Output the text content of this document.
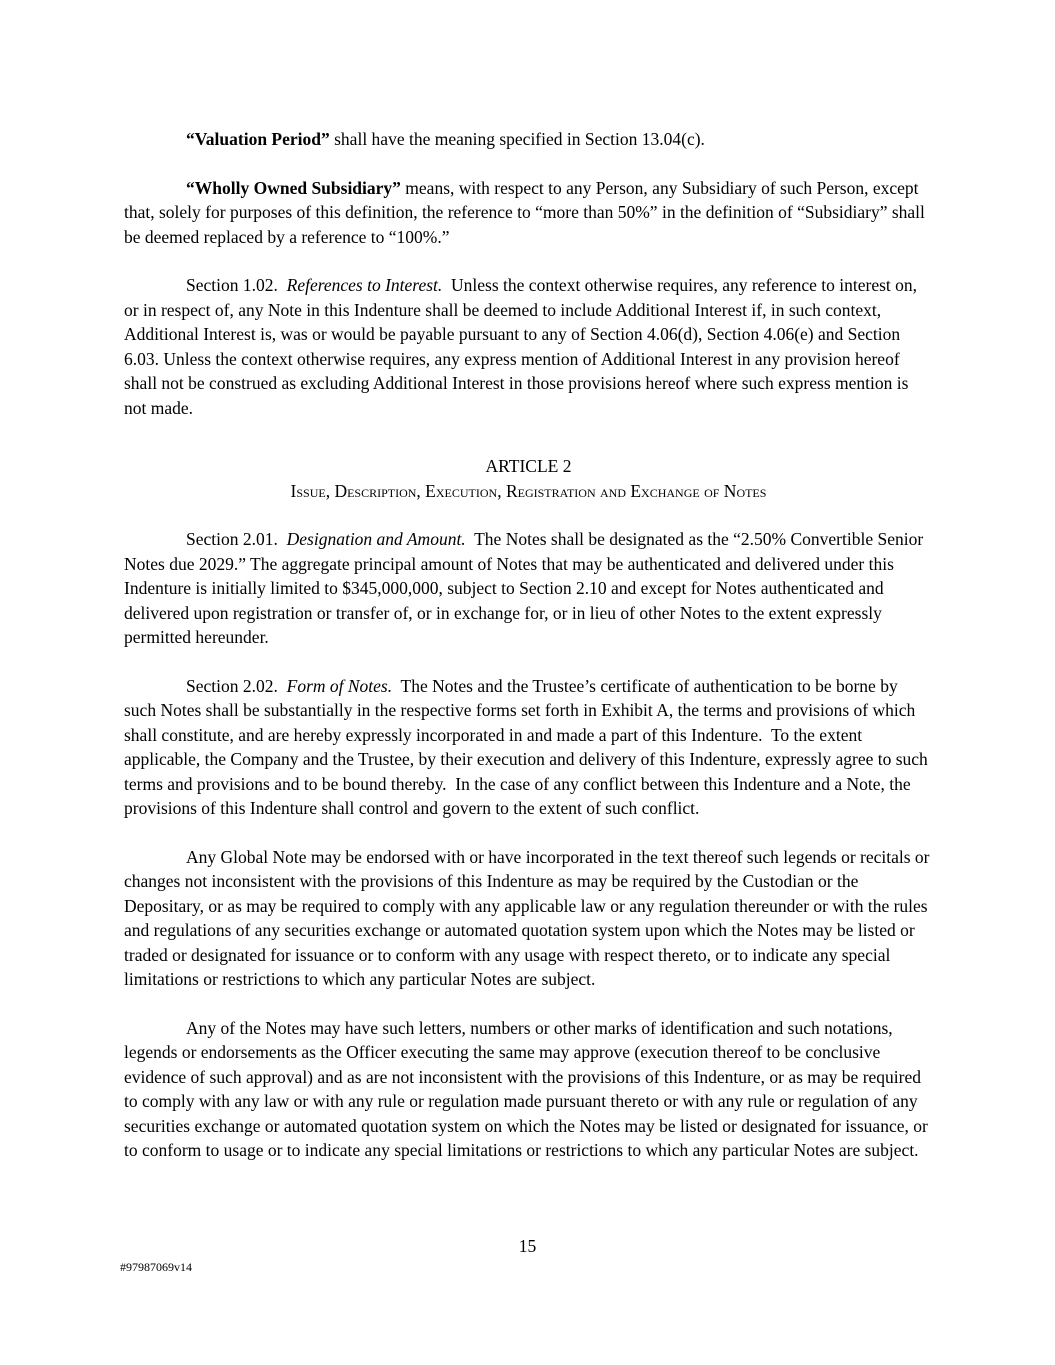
“Valuation Period” shall have the meaning specified in Section 13.04(c).

“Wholly Owned Subsidiary” means, with respect to any Person, any Subsidiary of such Person, except that, solely for purposes of this definition, the reference to “more than 50%” in the definition of “Subsidiary” shall be deemed replaced by a reference to “100%.”

Section 1.02.  References to Interest.  Unless the context otherwise requires, any reference to interest on, or in respect of, any Note in this Indenture shall be deemed to include Additional Interest if, in such context, Additional Interest is, was or would be payable pursuant to any of Section 4.06(d), Section 4.06(e) and Section 6.03. Unless the context otherwise requires, any express mention of Additional Interest in any provision hereof shall not be construed as excluding Additional Interest in those provisions hereof where such express mention is not made.

ARTICLE 2

Issue, Description, Execution, Registration and Exchange of Notes

Section 2.01.  Designation and Amount.  The Notes shall be designated as the “2.50% Convertible Senior Notes due 2029.” The aggregate principal amount of Notes that may be authenticated and delivered under this Indenture is initially limited to $345,000,000, subject to Section 2.10 and except for Notes authenticated and delivered upon registration or transfer of, or in exchange for, or in lieu of other Notes to the extent expressly permitted hereunder.

Section 2.02.  Form of Notes.  The Notes and the Trustee’s certificate of authentication to be borne by such Notes shall be substantially in the respective forms set forth in Exhibit A, the terms and provisions of which shall constitute, and are hereby expressly incorporated in and made a part of this Indenture.  To the extent applicable, the Company and the Trustee, by their execution and delivery of this Indenture, expressly agree to such terms and provisions and to be bound thereby.  In the case of any conflict between this Indenture and a Note, the provisions of this Indenture shall control and govern to the extent of such conflict.

Any Global Note may be endorsed with or have incorporated in the text thereof such legends or recitals or changes not inconsistent with the provisions of this Indenture as may be required by the Custodian or the Depositary, or as may be required to comply with any applicable law or any regulation thereunder or with the rules and regulations of any securities exchange or automated quotation system upon which the Notes may be listed or traded or designated for issuance or to conform with any usage with respect thereto, or to indicate any special limitations or restrictions to which any particular Notes are subject.

Any of the Notes may have such letters, numbers or other marks of identification and such notations, legends or endorsements as the Officer executing the same may approve (execution thereof to be conclusive evidence of such approval) and as are not inconsistent with the provisions of this Indenture, or as may be required to comply with any law or with any rule or regulation made pursuant thereto or with any rule or regulation of any securities exchange or automated quotation system on which the Notes may be listed or designated for issuance, or to conform to usage or to indicate any special limitations or restrictions to which any particular Notes are subject.

15
#97987069v14
